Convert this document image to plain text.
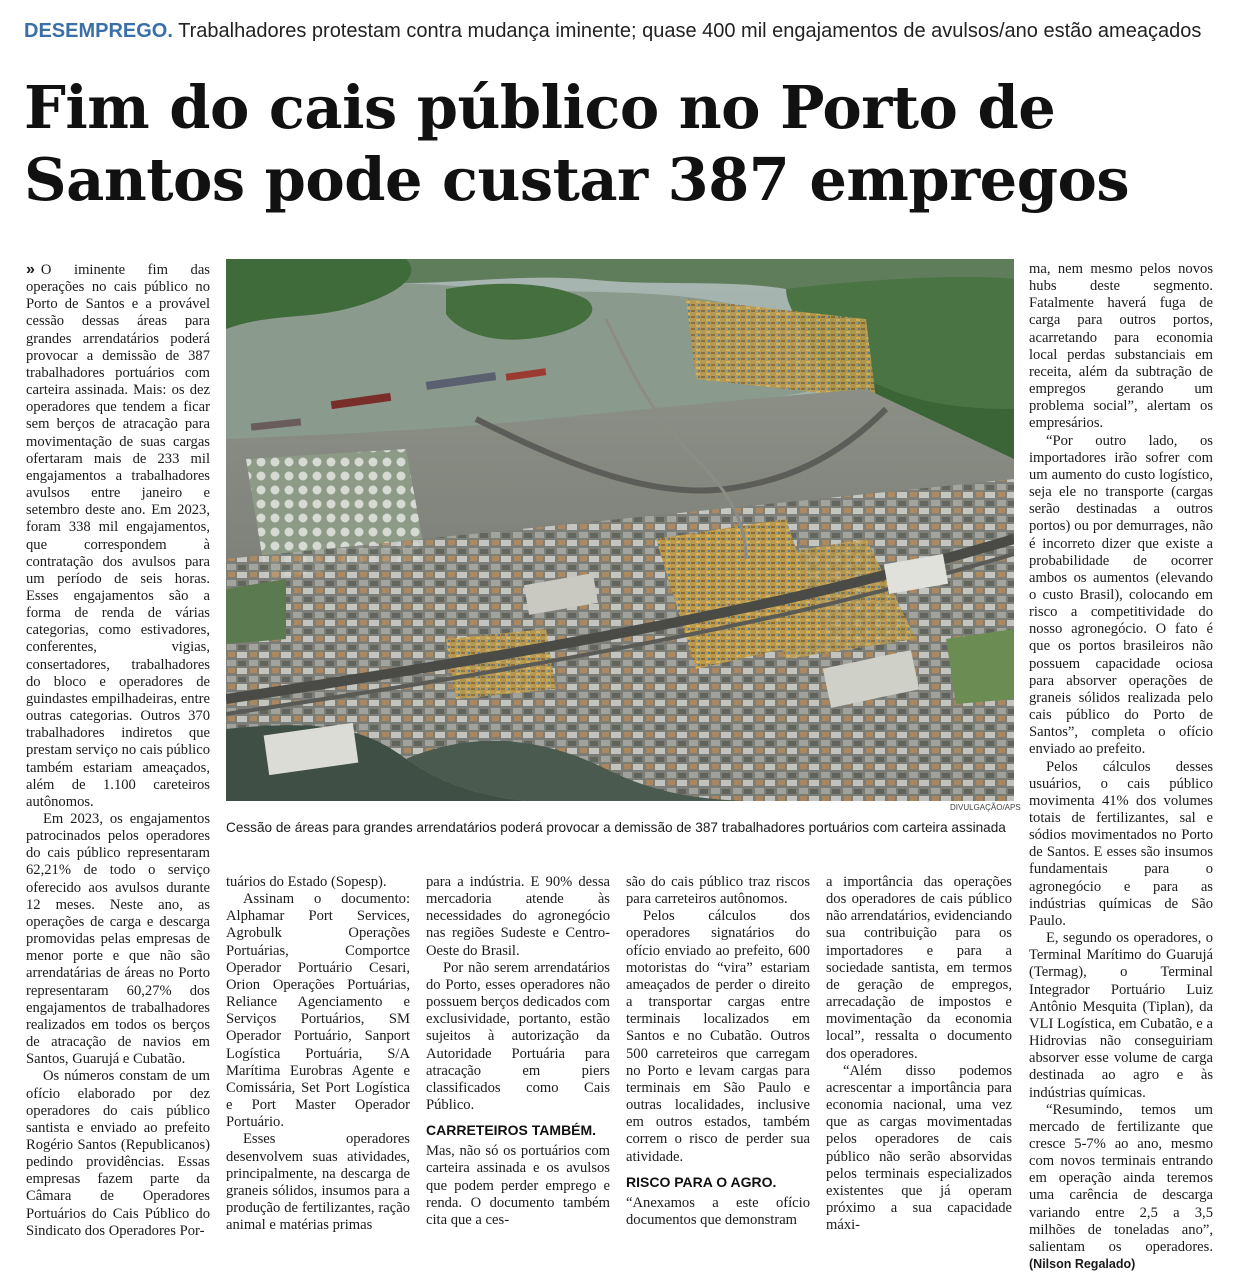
DESEMPREGO. Trabalhadores protestam contra mudança iminente; quase 400 mil engajamentos de avulsos/ano estão ameaçados
Fim do cais público no Porto de
Santos pode custar 387 empregos

» O iminente fim das operações no cais público no Porto de Santos e a provável cessão dessas áreas para grandes arrendatários poderá provocar a demissão de 387 trabalhadores portuários com carteira assinada. Mais: os dez operadores que tendem a ficar sem berços de atracação para movimentação de suas cargas ofertaram mais de 233 mil engajamentos a trabalhadores avulsos entre janeiro e setembro deste ano. Em 2023, foram 338 mil engajamentos, que correspondem à contratação dos avulsos para um período de seis horas. Esses engajamentos são a forma de renda de várias categorias, como estivadores, conferentes, vigias, consertadores, trabalhadores do bloco e operadores de guindastes empilhadeiras, entre outras categorias. Outros 370 trabalhadores indiretos que prestam serviço no cais público também estariam ameaçados, além de 1.100 careteiros autônomos.

Em 2023, os engajamentos patrocinados pelos operadores do cais público representaram 62,21% de todo o serviço oferecido aos avulsos durante 12 meses. Neste ano, as operações de carga e descarga promovidas pelas empresas de menor porte e que não são arrendatárias de áreas no Porto representaram 60,27% dos engajamentos de trabalhadores realizados em todos os berços de atracação de navios em Santos, Guarujá e Cubatão.

Os números constam de um ofício elaborado por dez operadores do cais público santista e enviado ao prefeito Rogério Santos (Republicanos) pedindo providências. Essas empresas fazem parte da Câmara de Operadores Portuários do Cais Público do Sindicato dos Operadores Por-

DIVULGAÇÃO/APS
Cessão de áreas para grandes arrendatários poderá provocar a demissão de 387 trabalhadores portuários com carteira assinada

tuários do Estado (Sopesp).

Assinam o documento: Alphamar Port Services, Agrobulk Operações Portuárias, Comportce Operador Portuário Cesari, Orion Operações Portuárias, Reliance Agenciamento e Serviços Portuários, SM Operador Portuário, Sanport Logística Portuária, S/A Marítima Eurobras Agente e Comissária, Set Port Logística e Port Master Operador Portuário.

Esses operadores desenvolvem suas atividades, principalmente, na descarga de graneis sólidos, insumos para a produção de fertilizantes, ração animal e matérias primas

para a indústria. E 90% dessa mercadoria atende às necessidades do agronegócio nas regiões Sudeste e Centro-Oeste do Brasil.

Por não serem arrendatários do Porto, esses operadores não possuem berços dedicados com exclusividade, portanto, estão sujeitos à autorização da Autoridade Portuária para atracação em piers classificados como Cais Público.

CARRETEIROS TAMBÉM.

Mas, não só os portuários com carteira assinada e os avulsos que podem perder emprego e renda. O documento também cita que a ces-

são do cais público traz riscos para carreteiros autônomos.

Pelos cálculos dos operadores signatários do ofício enviado ao prefeito, 600 motoristas do “vira” estariam ameaçados de perder o direito a transportar cargas entre terminais localizados em Santos e no Cubatão. Outros 500 carreteiros que carregam no Porto e levam cargas para terminais em São Paulo e outras localidades, inclusive em outros estados, também correm o risco de perder sua atividade.

RISCO PARA O AGRO.

“Anexamos a este ofício documentos que demonstram

a importância das operações dos operadores de cais público não arrendatários, evidenciando sua contribuição para os importadores e para a sociedade santista, em termos de geração de empregos, arrecadação de impostos e movimentação da economia local”, ressalta o documento dos operadores.

“Além disso podemos acrescentar a importância para economia nacional, uma vez que as cargas movimentadas pelos operadores de cais público não serão absorvidas pelos terminais especializados existentes que já operam próximo a sua capacidade máxi-

ma, nem mesmo pelos novos hubs deste segmento. Fatalmente haverá fuga de carga para outros portos, acarretando para economia local perdas substanciais em receita, além da subtração de empregos gerando um problema social”, alertam os empresários.

“Por outro lado, os importadores irão sofrer com um aumento do custo logístico, seja ele no transporte (cargas serão destinadas a outros portos) ou por demurrages, não é incorreto dizer que existe a probabilidade de ocorrer ambos os aumentos (elevando o custo Brasil), colocando em risco a competitividade do nosso agronegócio. O fato é que os portos brasileiros não possuem capacidade ociosa para absorver operações de graneis sólidos realizada pelo cais público do Porto de Santos”, completa o ofício enviado ao prefeito.

Pelos cálculos desses usuários, o cais público movimenta 41% dos volumes totais de fertilizantes, sal e sódios movimentados no Porto de Santos. E esses são insumos fundamentais para o agronegócio e para as indústrias químicas de São Paulo.

E, segundo os operadores, o Terminal Marítimo do Guarujá (Termag), o Terminal Integrador Portuário Luiz Antônio Mesquita (Tiplan), da VLI Logística, em Cubatão, e a Hidrovias não conseguiriam absorver esse volume de carga destinada ao agro e às indústrias químicas.

“Resumindo, temos um mercado de fertilizante que cresce 5-7% ao ano, mesmo com novos terminais entrando em operação ainda teremos uma carência de descarga variando entre 2,5 a 3,5 milhões de toneladas ano”, salientam os operadores. (Nilson Regalado)
